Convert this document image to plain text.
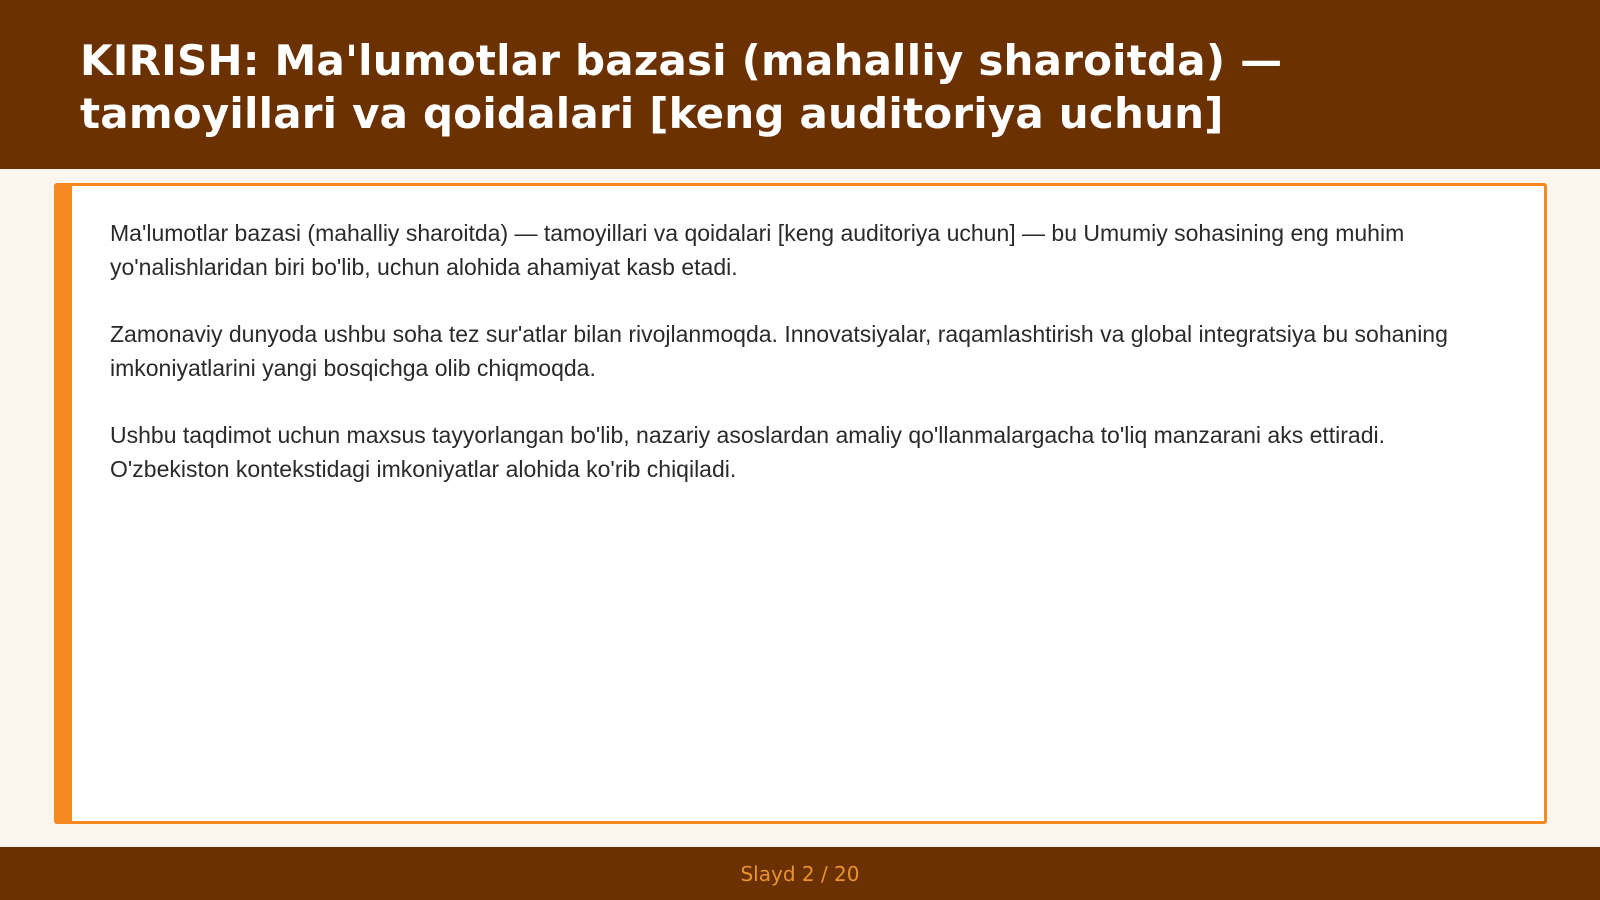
KIRISH: Ma'lumotlar bazasi (mahalliy sharoitda) — tamoyillari va qoidalari [keng auditoriya uchun]

Ma'lumotlar bazasi (mahalliy sharoitda) — tamoyillari va qoidalari [keng auditoriya uchun] — bu Umumiy sohasining eng muhim yo'nalishlaridan biri bo'lib, uchun alohida ahamiyat kasb etadi.

Zamonaviy dunyoda ushbu soha tez sur'atlar bilan rivojlanmoqda. Innovatsiyalar, raqamlashtirish va global integratsiya bu sohaning imkoniyatlarini yangi bosqichga olib chiqmoqda.

Ushbu taqdimot uchun maxsus tayyorlangan bo'lib, nazariy asoslardan amaliy qo'llanmalargacha to'liq manzarani aks ettiradi. O'zbekiston kontekstidagi imkoniyatlar alohida ko'rib chiqiladi.

Slayd 2 / 20
